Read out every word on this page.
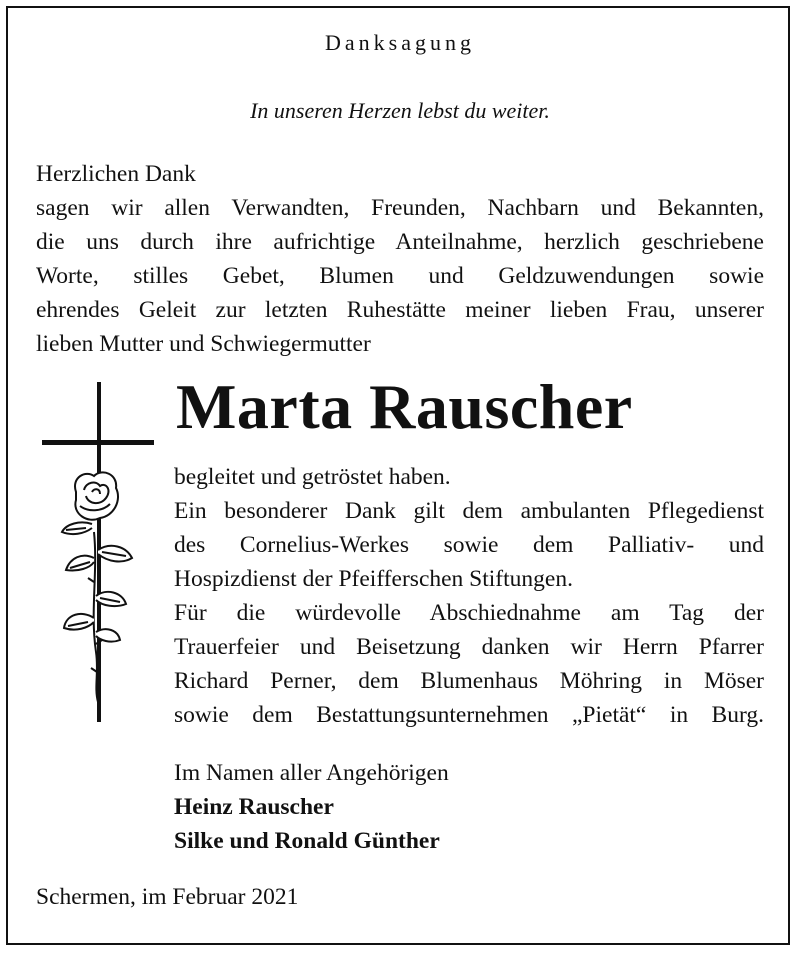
Danksagung
In unseren Herzen lebst du weiter.
Herzlichen Dank
sagen wir allen Verwandten, Freunden, Nachbarn und Bekannten,
die uns durch ihre aufrichtige Anteilnahme, herzlich geschriebene
Worte, stilles Gebet, Blumen und Geldzuwendungen sowie
ehrendes Geleit zur letzten Ruhestätte meiner lieben Frau, unserer
lieben Mutter und Schwiegermutter
Marta Rauscher
begleitet und getröstet haben.
Ein besonderer Dank gilt dem ambulanten Pflegedienst
des Cornelius-Werkes sowie dem Palliativ- und
Hospizdienst der Pfeifferschen Stiftungen.
Für die würdevolle Abschiednahme am Tag der
Trauerfeier und Beisetzung danken wir Herrn Pfarrer
Richard Perner, dem Blumenhaus Möhring in Möser
sowie dem Bestattungsunternehmen „Pietät“ in Burg.
Im Namen aller Angehörigen
Heinz Rauscher
Silke und Ronald Günther
Schermen, im Februar 2021
